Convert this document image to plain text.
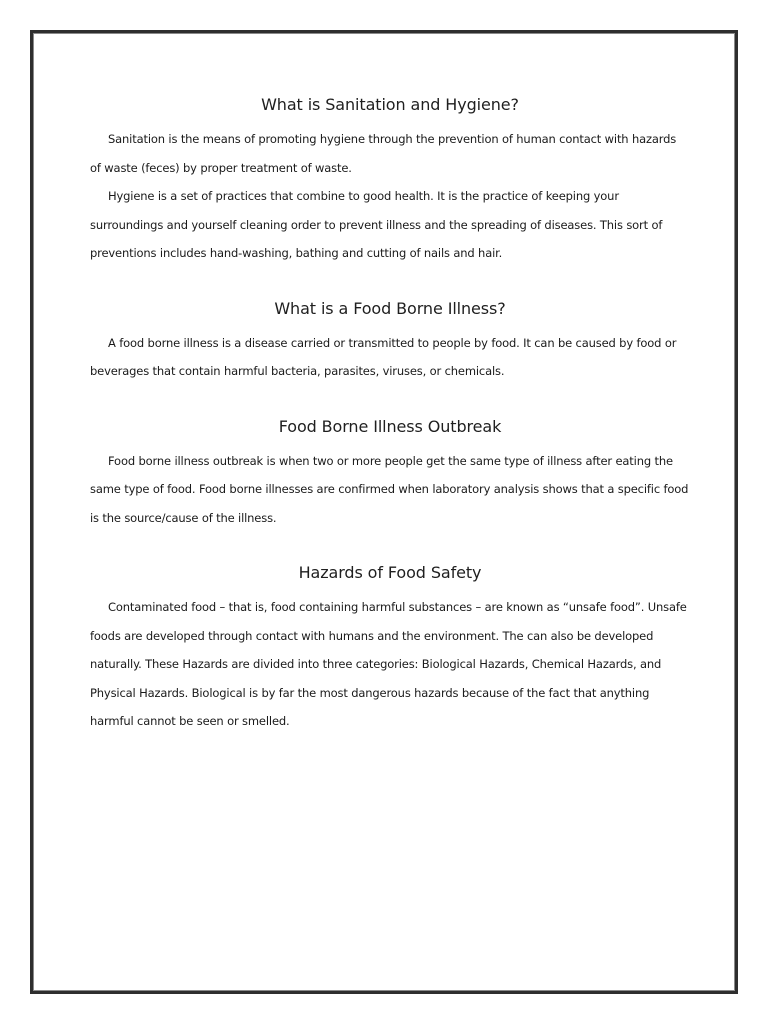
What is Sanitation and Hygiene?

Sanitation is the means of promoting hygiene through the prevention of human contact with hazards of waste (feces) by proper treatment of waste.

Hygiene is a set of practices that combine to good health. It is the practice of keeping your surroundings and yourself cleaning order to prevent illness and the spreading of diseases. This sort of preventions includes hand-washing, bathing and cutting of nails and hair.

What is a Food Borne Illness?

A food borne illness is a disease carried or transmitted to people by food. It can be caused by food or beverages that contain harmful bacteria, parasites, viruses, or chemicals.

Food Borne Illness Outbreak

Food borne illness outbreak is when two or more people get the same type of illness after eating the same type of food. Food borne illnesses are confirmed when laboratory analysis shows that a specific food is the source/cause of the illness.

Hazards of Food Safety

Contaminated food – that is, food containing harmful substances – are known as “unsafe food”. Unsafe foods are developed through contact with humans and the environment. The can also be developed naturally. These Hazards are divided into three categories: Biological Hazards, Chemical Hazards, and Physical Hazards. Biological is by far the most dangerous hazards because of the fact that anything harmful cannot be seen or smelled.
